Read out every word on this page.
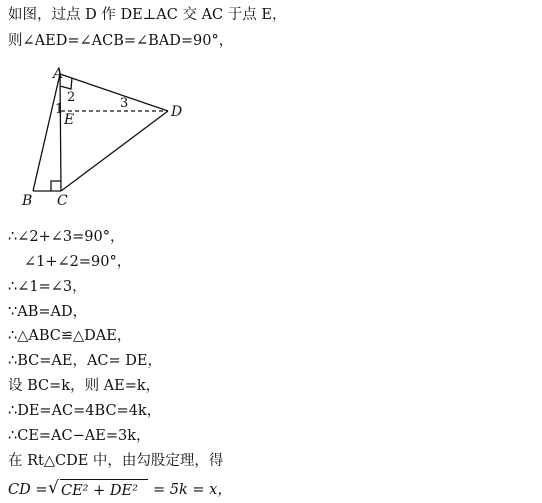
如图，过点 D 作 DE⊥AC 交 AC 于点 E，
则∠AED=∠ACB=∠BAD=90°，
A
B C
D
E
1
2	3
∴∠2+∠3=90°，
∠1+∠2=90°，
∴∠1=∠3，
∵AB=AD，
∴△ABC≌△DAE，
∴BC=AE，AC= DE，
设 BC=k，则 AE=k，
∴DE=AC=4BC=4k，
∴CE=AC−AE=3k，
在 Rt△CDE 中，由勾股定理，得
CD = √ CE² + DE² = 5k = x，
